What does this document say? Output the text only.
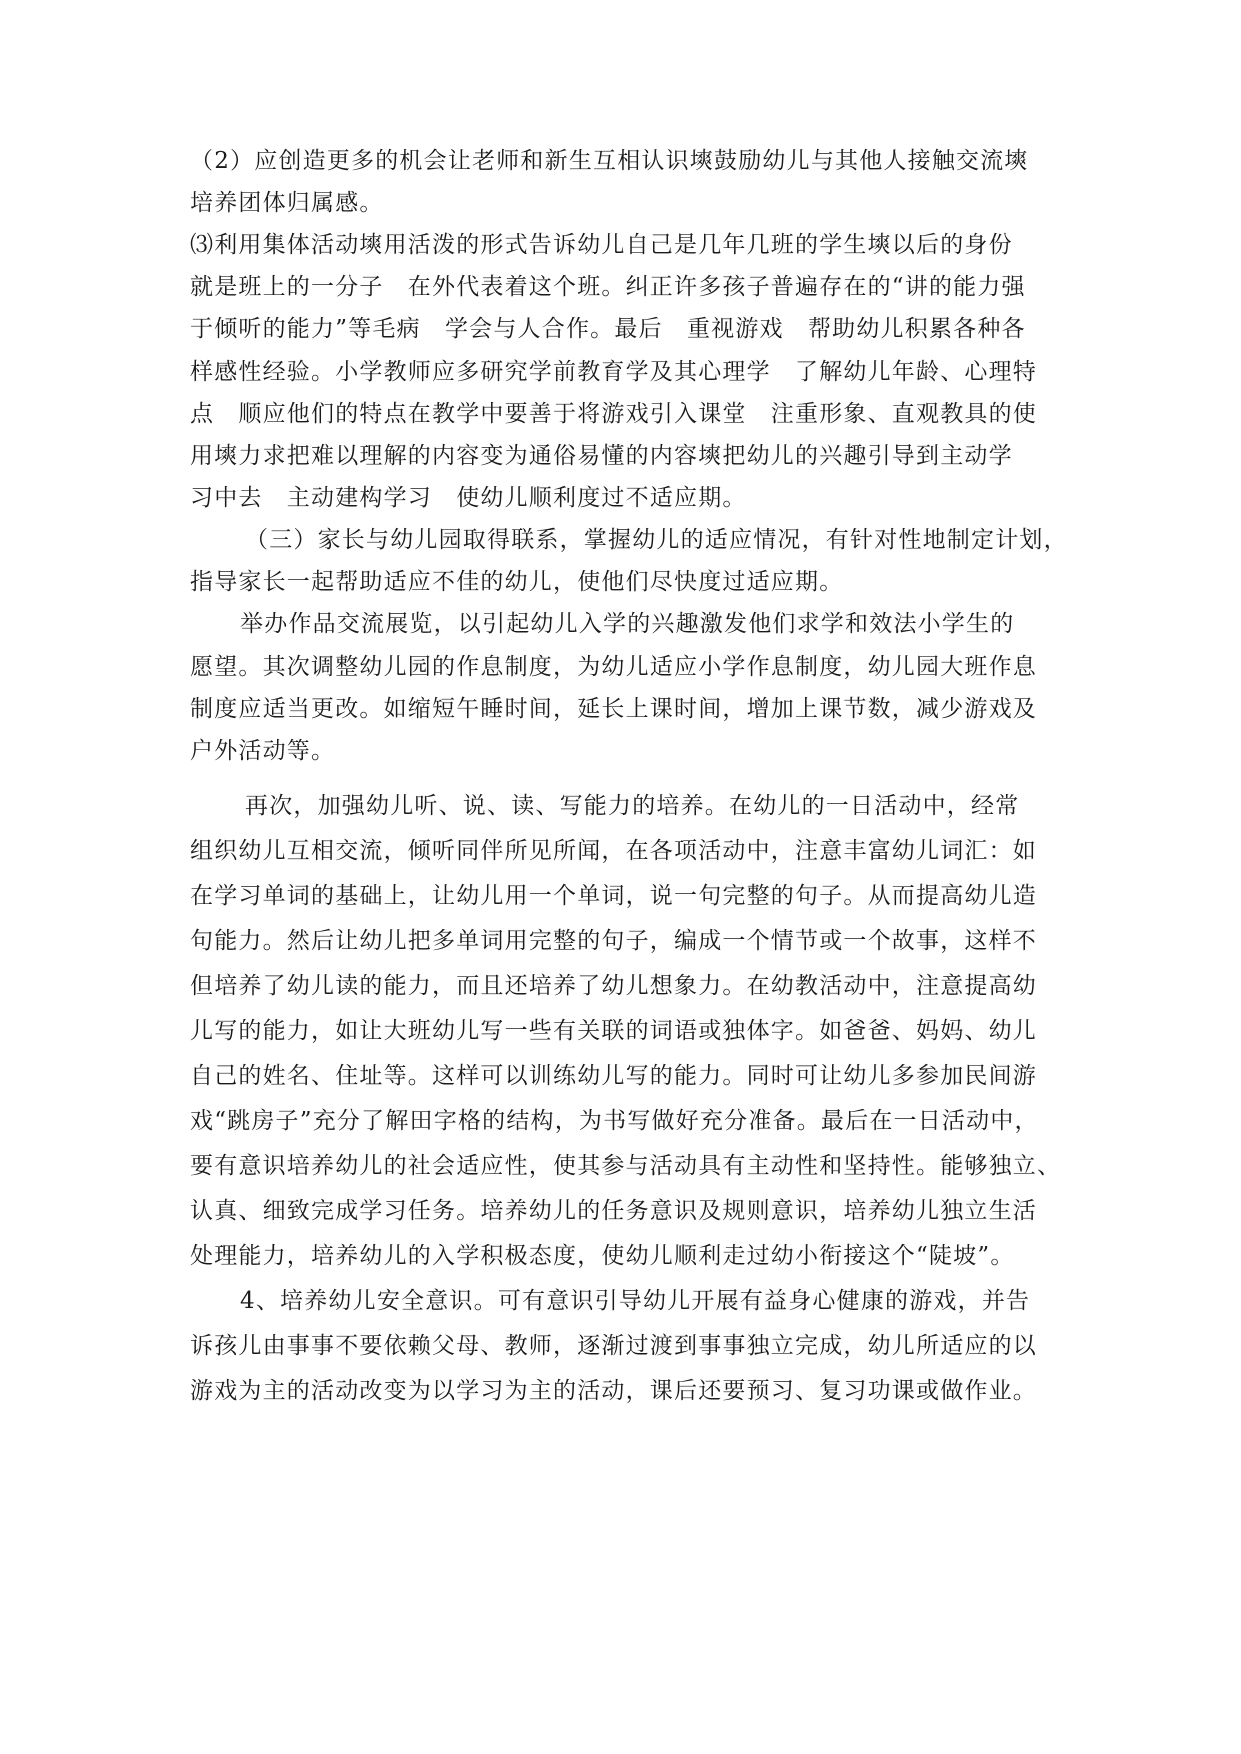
（2）应创造更多的机会让老师和新生互相认识塽鼓励幼儿与其他人接触交流塽
培养团体归属感。
⑶利用集体活动塽用活泼的形式告诉幼儿自己是几年几班的学生塽以后的身份
就是班上的一分子　在外代表着这个班。纠正许多孩子普遍存在的“讲的能力强
于倾听的能力”等毛病　学会与人合作。最后　重视游戏　帮助幼儿积累各种各
样感性经验。小学教师应多研究学前教育学及其心理学　了解幼儿年龄、心理特
点　顺应他们的特点在教学中要善于将游戏引入课堂　注重形象、直观教具的使
用塽力求把难以理解的内容变为通俗易懂的内容塽把幼儿的兴趣引导到主动学
习中去　主动建构学习　使幼儿顺利度过不适应期。
（三）家长与幼儿园取得联系，掌握幼儿的适应情况，有针对性地制定计划，
指导家长一起帮助适应不佳的幼儿，使他们尽快度过适应期。
举办作品交流展览，以引起幼儿入学的兴趣激发他们求学和效法小学生的
愿望。其次调整幼儿园的作息制度，为幼儿适应小学作息制度，幼儿园大班作息
制度应适当更改。如缩短午睡时间，延长上课时间，增加上课节数，减少游戏及
户外活动等。
再次，加强幼儿听、说、读、写能力的培养。在幼儿的一日活动中，经常
组织幼儿互相交流，倾听同伴所见所闻，在各项活动中，注意丰富幼儿词汇：如
在学习单词的基础上，让幼儿用一个单词，说一句完整的句子。从而提高幼儿造
句能力。然后让幼儿把多单词用完整的句子，编成一个情节或一个故事，这样不
但培养了幼儿读的能力，而且还培养了幼儿想象力。在幼教活动中，注意提高幼
儿写的能力，如让大班幼儿写一些有关联的词语或独体字。如爸爸、妈妈、幼儿
自己的姓名、住址等。这样可以训练幼儿写的能力。同时可让幼儿多参加民间游
戏“跳房子”充分了解田字格的结构，为书写做好充分准备。最后在一日活动中，
要有意识培养幼儿的社会适应性，使其参与活动具有主动性和坚持性。能够独立、
认真、细致完成学习任务。培养幼儿的任务意识及规则意识，培养幼儿独立生活
处理能力，培养幼儿的入学积极态度，使幼儿顺利走过幼小衔接这个“陡坡”。
4、培养幼儿安全意识。可有意识引导幼儿开展有益身心健康的游戏，并告
诉孩儿由事事不要依赖父母、教师，逐渐过渡到事事独立完成，幼儿所适应的以
游戏为主的活动改变为以学习为主的活动，课后还要预习、复习功课或做作业。
